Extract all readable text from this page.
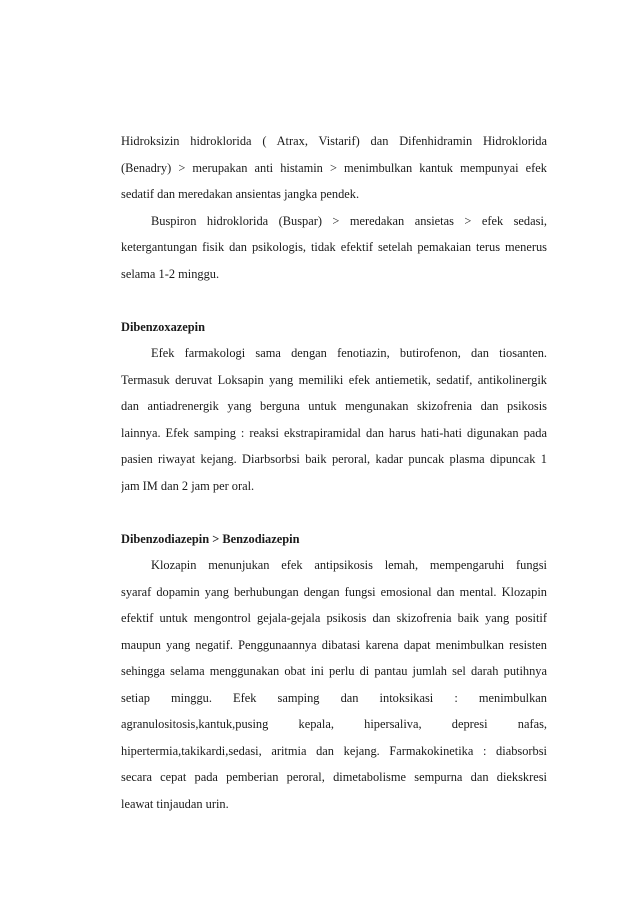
Hidroksizin hidroklorida ( Atrax, Vistarif) dan Difenhidramin Hidroklorida
(Benadry) > merupakan anti histamin > menimbulkan kantuk mempunyai efek
sedatif dan meredakan ansientas jangka pendek.
Buspiron hidroklorida (Buspar) > meredakan ansietas > efek sedasi,
ketergantungan fisik dan psikologis, tidak efektif setelah pemakaian terus menerus
selama 1-2 minggu.
Dibenzoxazepin
Efek farmakologi sama dengan fenotiazin, butirofenon, dan tiosanten.
Termasuk deruvat Loksapin yang memiliki efek antiemetik, sedatif, antikolinergik
dan antiadrenergik yang berguna untuk mengunakan skizofrenia dan psikosis
lainnya. Efek samping : reaksi ekstrapiramidal dan harus hati-hati digunakan pada
pasien riwayat kejang. Diarbsorbsi baik peroral, kadar puncak plasma dipuncak 1
jam IM dan 2 jam per oral.
Dibenzodiazepin > Benzodiazepin
Klozapin menunjukan efek antipsikosis lemah, mempengaruhi fungsi
syaraf dopamin yang berhubungan dengan fungsi emosional dan mental. Klozapin
efektif untuk mengontrol gejala-gejala psikosis dan skizofrenia baik yang positif
maupun yang negatif. Penggunaannya dibatasi karena dapat menimbulkan resisten
sehingga selama menggunakan obat ini perlu di pantau jumlah sel darah putihnya
setiap minggu. Efek samping dan intoksikasi : menimbulkan
agranulositosis,kantuk,pusing kepala, hipersaliva, depresi nafas,
hipertermia,takikardi,sedasi, aritmia dan kejang. Farmakokinetika : diabsorbsi
secara cepat pada pemberian peroral, dimetabolisme sempurna dan diekskresi
leawat tinjaudan urin.
